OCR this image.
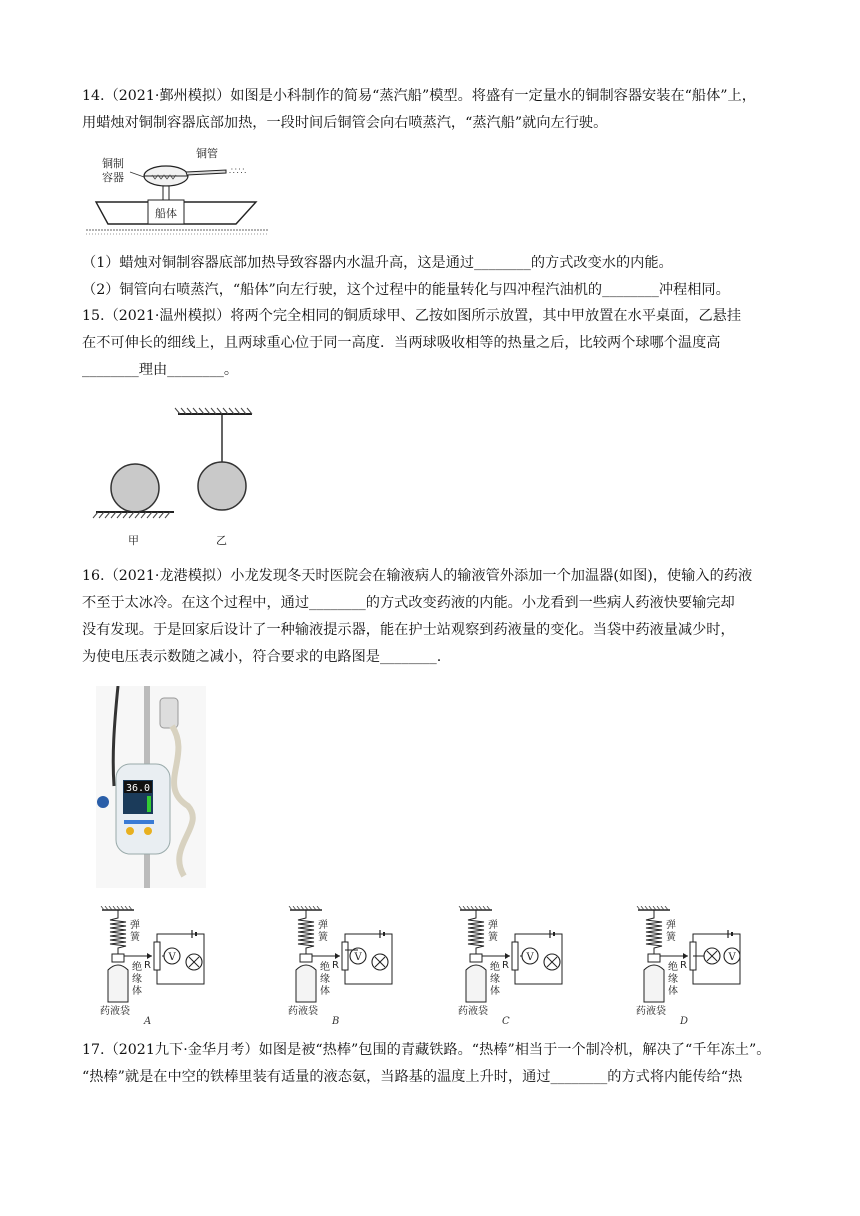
14.（2021·鄞州模拟）如图是小科制作的简易“蒸汽船”模型。将盛有一定量水的铜制容器安装在“船体”上，
用蜡烛对铜制容器底部加热，一段时间后铜管会向右喷蒸汽，“蒸汽船”就向左行驶。
铜制
容器
铜管
∴∵∴
船体
（1）蜡烛对铜制容器底部加热导致容器内水温升高，这是通过________的方式改变水的内能。
（2）铜管向右喷蒸汽，“船体”向左行驶，这个过程中的能量转化与四冲程汽油机的________冲程相同。
15.（2021·温州模拟）将两个完全相同的铜质球甲、乙按如图所示放置，其中甲放置在水平桌面，乙悬挂
在不可伸长的细线上，且两球重心位于同一高度．当两球吸收相等的热量之后，比较两个球哪个温度高
________理由________。
甲	乙
16.（2021·龙港模拟）小龙发现冬天时医院会在输液病人的输液管外添加一个加温器(如图)，使输入的药液
不至于太冰冷。在这个过程中，通过________的方式改变药液的内能。小龙看到一些病人药液快要输完却
没有发现。于是回家后设计了一种输液提示器，能在护士站观察到药液量的变化。当袋中药液量减少时，
为使电压表示数随之减小，符合要求的电路图是________.
36.0
弹
簧
绝
缘
体
药液袋
A
R
V
弹
簧
绝
缘
体
药液袋
B
R
V
弹
簧
绝
缘
体
药液袋
C
R
V
弹
簧
绝
缘
体
药液袋
D
R
V
17.（2021九下·金华月考）如图是被“热棒”包围的青藏铁路。“热棒”相当于一个制冷机，解决了“千年冻土”。
“热棒”就是在中空的铁棒里装有适量的液态氨，当路基的温度上升时，通过________的方式将内能传给“热
